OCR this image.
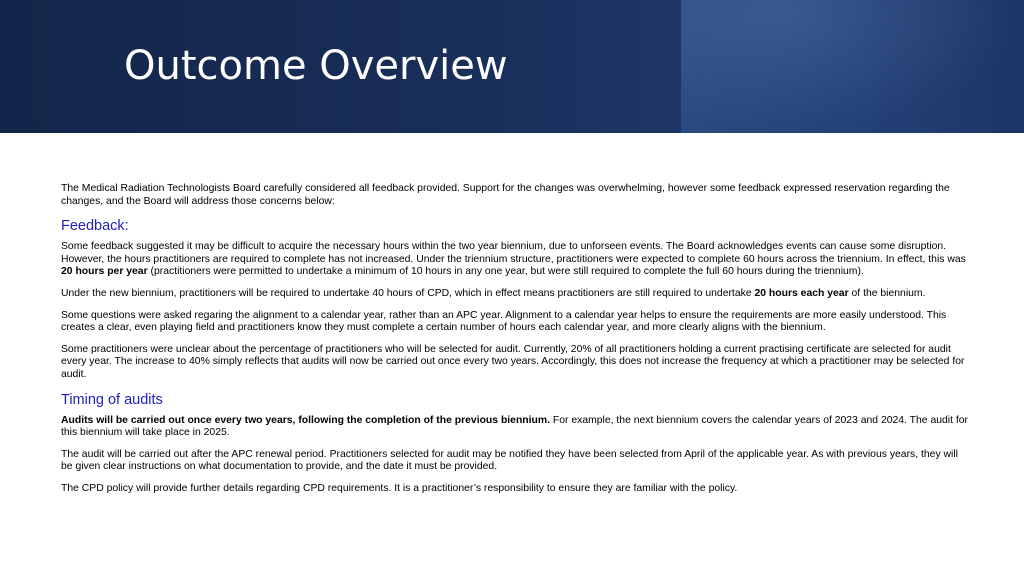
Outcome Overview

The Medical Radiation Technologists Board carefully considered all feedback provided. Support for the changes was overwhelming, however some feedback expressed reservation regarding the changes, and the Board will address those concerns below:

Feedback:

Some feedback suggested it may be difficult to acquire the necessary hours within the two year biennium, due to unforseen events. The Board acknowledges events can cause some disruption. However, the hours practitioners are required to complete has not increased. Under the triennium structure, practitioners were expected to complete 60 hours across the triennium. In effect, this was 20 hours per year (practitioners were permitted to undertake a minimum of 10 hours in any one year, but were still required to complete the full 60 hours during the triennium).

Under the new biennium, practitioners will be required to undertake 40 hours of CPD, which in effect means practitioners are still required to undertake 20 hours each year of the biennium.

Some questions were asked regaring the alignment to a calendar year, rather than an APC year. Alignment to a calendar year helps to ensure the requirements are more easily understood. This creates a clear, even playing field and practitioners know they must complete a certain number of hours each calendar year, and more clearly aligns with the biennium.

Some practitioners were unclear about the percentage of practitioners who will be selected for audit. Currently, 20% of all practitioners holding a current practising certificate are selected for audit every year. The increase to 40% simply reflects that audits will now be carried out once every two years. Accordingly, this does not increase the frequency at which a practitioner may be selected for audit.

Timing of audits

Audits will be carried out once every two years, following the completion of the previous biennium. For example, the next biennium covers the calendar years of 2023 and 2024. The audit for this biennium will take place in 2025.

The audit will be carried out after the APC renewal period. Practitioners selected for audit may be notified they have been selected from April of the applicable year. As with previous years, they will be given clear instructions on what documentation to provide, and the date it must be provided.

The CPD policy will provide further details regarding CPD requirements. It is a practitioner’s responsibility to ensure they are familiar with the policy.
